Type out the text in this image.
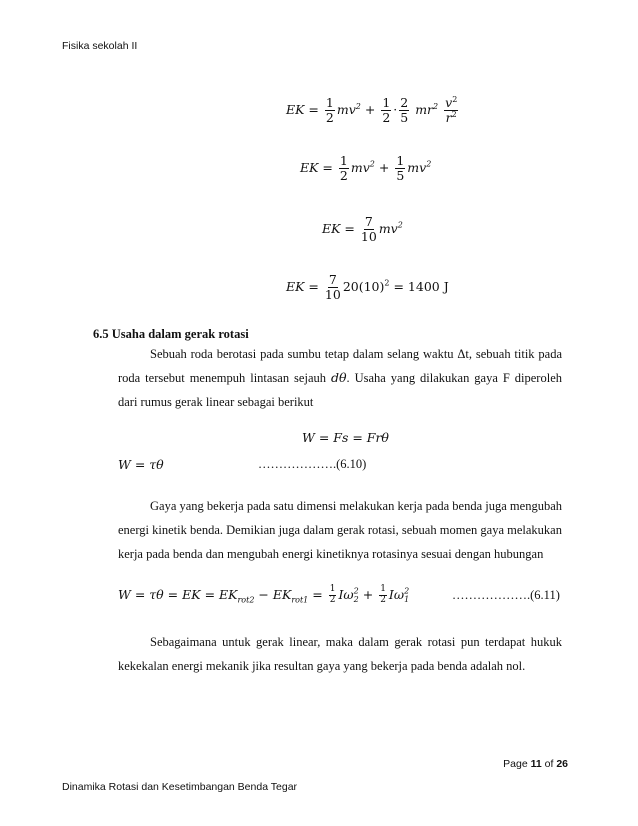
Fisika sekolah II
EK = $\frac{1}{2} mv^2 + \frac{1}{2} \cdot \frac{2}{5} mr^2 \frac{v^2}{r^2}$
EK = $\frac{1}{2} mv^2 + \frac{1}{5} mv^2$
EK = $\frac{7}{10} mv^2$
EK = $\frac{7}{10} 20(10)^2 = 1400$ J
6.5 Usaha dalam gerak rotasi
Sebuah roda berotasi pada sumbu tetap dalam selang waktu Δt, sebuah titik pada roda tersebut menempuh lintasan sejauh dθ. Usaha yang dilakukan gaya F diperoleh dari rumus gerak linear sebagai berikut
W = Fs = Frθ
W = τθ	……………….(6.10)
Gaya yang bekerja pada satu dimensi melakukan kerja pada benda juga mengubah energi kinetik benda. Demikian juga dalam gerak rotasi, sebuah momen gaya melakukan kerja pada benda dan mengubah energi kinetiknya rotasinya sesuai dengan hubungan
W = τθ = EK = $EK_{rot2} - EK_{rot1} = \frac{1}{2} I\omega^2_2 + \frac{1}{2} I\omega^2_1$	……………….(6.11)
Sebagaimana untuk gerak linear, maka dalam gerak rotasi pun terdapat hukuk kekekalan energi mekanik jika resultan gaya yang bekerja pada benda adalah nol.
Page 11 of 26
Dinamika Rotasi dan Kesetimbangan Benda Tegar
